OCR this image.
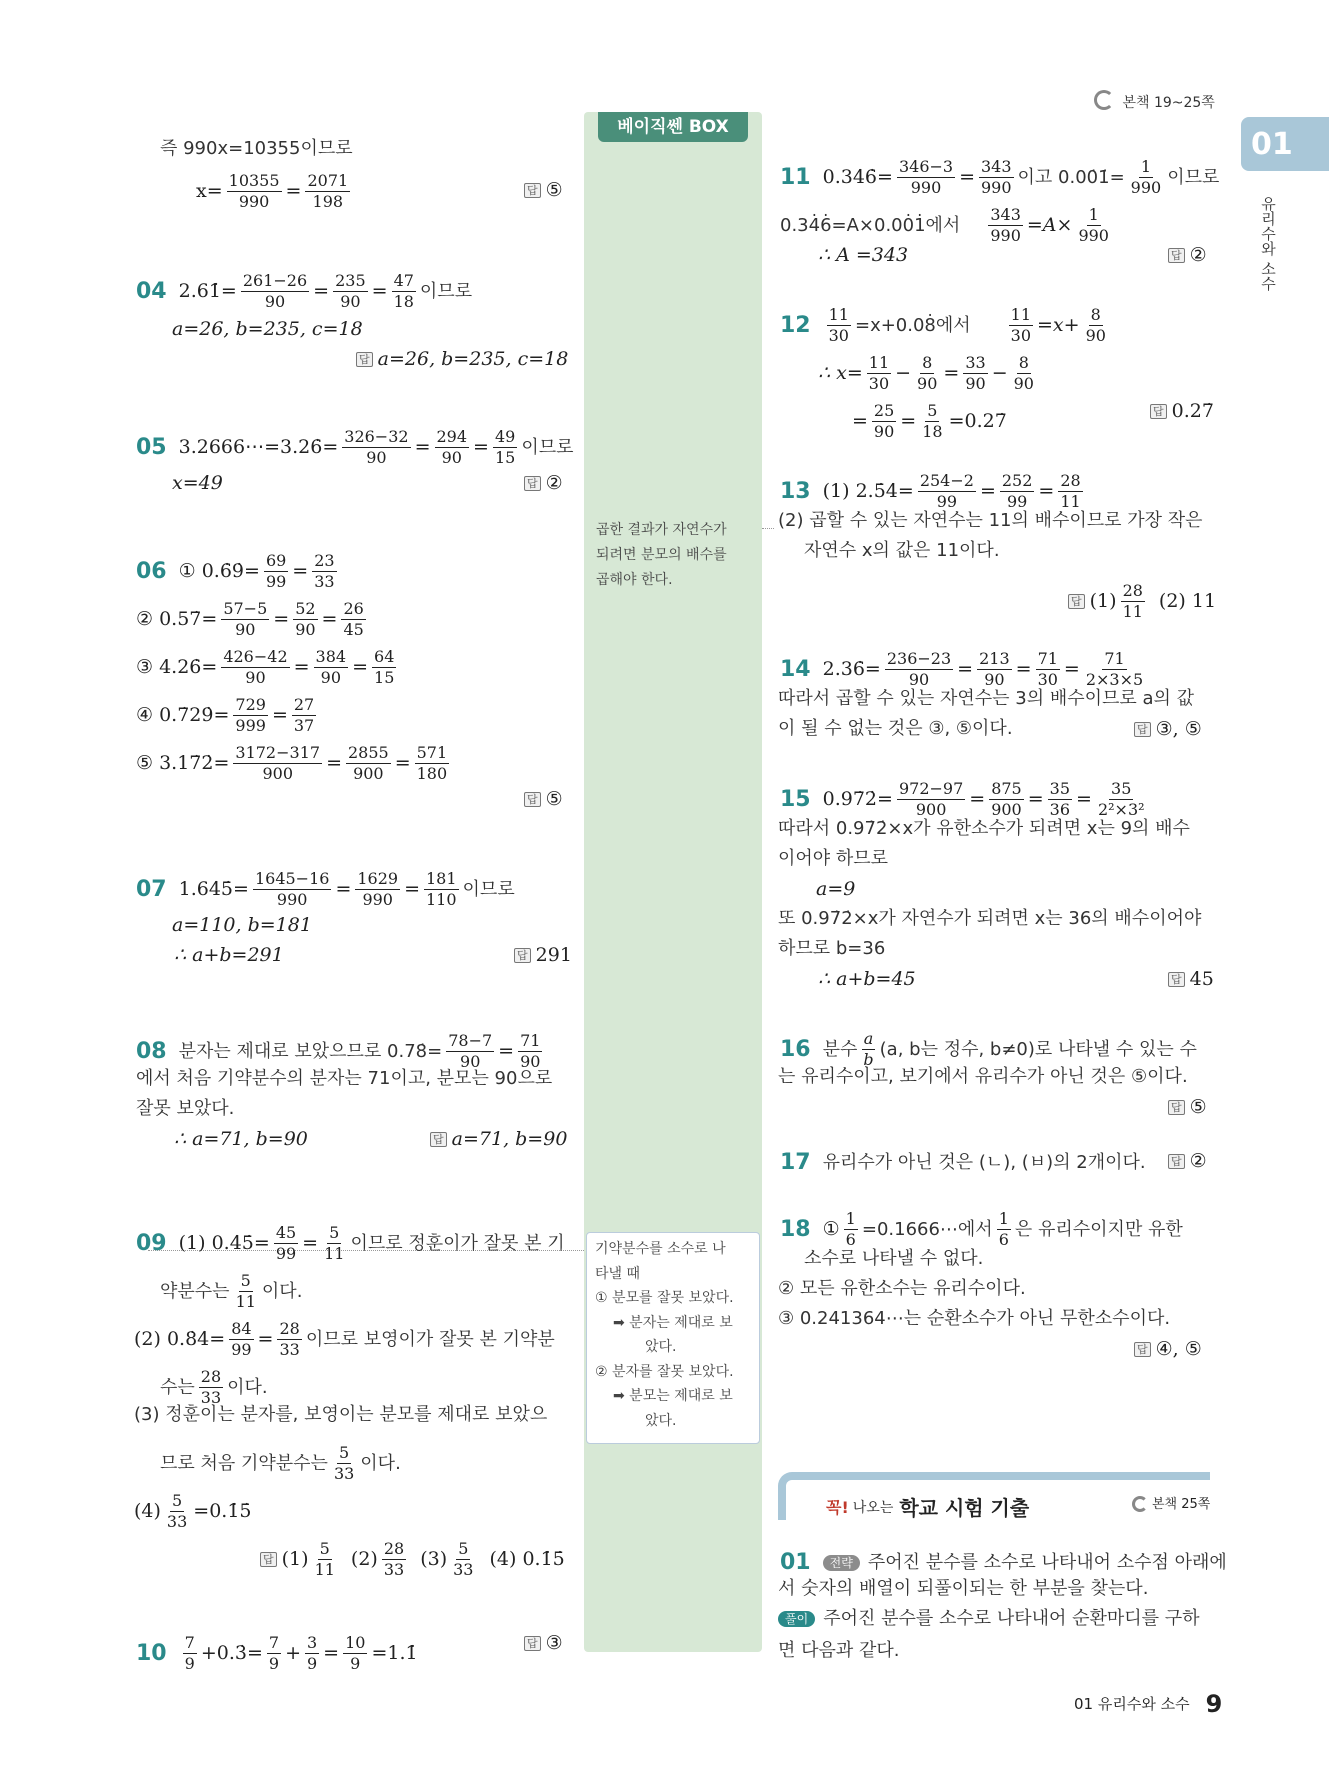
본책 19~25쪽
01
유리수와 소수
베이직쎈 BOX
곱한 결과가 자연수가
되려면 분모의 배수를
곱해야 한다.
기약분수를 소수로 나
타낼 때
① 분모를 잘못 보았다.
➡ 분자는 제대로 보
았다.
② 분자를 잘못 보았다.
➡ 분모는 제대로 보
았다.
즉 990x=10355이므로
$x= \frac{10355}{990} = 2071$
198
답 ⑤
04 2.61̇= $\frac{261-26}{90} = 235$
90 = 47
18 이므로
a=26, b=235, c=18
답 a=26, b=235, c=18
05 3.2666⋯=3.26̇= $\frac{326-32}{90} = 294$
90 = 49
15 이므로
x=49	답 ②
06 ① 0.6̇9̇= $\frac{69}{99} = 23$
33
② 0.57̇= $\frac{57-5}{90} = 52$
90 = 26
45
③ 4.26̇= $\frac{426-42}{90} = 384$
90 = 64
15
④ 0.7̇29̇= $\frac{729}{999} = 27$
37
⑤ 3.17̇2̇= $\frac{3172-317}{900} = 2855$
900 = 571
180
답 ⑤
07 1.64̇5̇= $\frac{1645-16}{990} = 1629$
990 = 181
110 이므로
a=110, b=181
∴ a+b=291	답 291
08 분자는 제대로 보았으므로 0.78̇= $\frac{78-7}{90} = 71$
90
에서 처음 기약분수의 분자는 71이고, 분모는 90으로
잘못 보았다.
∴ a=71, b=90	답 a=71, b=90
09 (1) 0.4̇5̇= $\frac{45}{99} = 5$
11 이므로 정훈이가 잘못 본 기
약분수는
5
11 이다.
(2) 0.8̇4̇= $\frac{84}{99} = 28$
33 이므로 보영이가 잘못 본 기약분
수는
28
33 이다.
(3) 정훈이는 분자를, 보영이는 분모를 제대로 보았으
므로 처음 기약분수는
5
33 이다.
$(4) \frac{5}{33}$ =0.1̇5̇
답 (1) 5
11 (2) 28
33 (3) 5
33 (4) 0.1̇5̇
10 7
9 +0.3̇= $\frac{7}{9} + 3$
$9 = \frac{10}{9}$ =1.1̇	답 ③
11 0.34̇6̇= $\frac{346-3}{990} = 343$
990 이고 0.00̇1̇= $\frac{1}{990}$ 이므로
0.34̇6̇=A×0.00̇1̇에서 $\frac{343}{990} =A\times \frac{1}{990}$
∴ A =343	답 ②
$12 \frac{11}{30}$ =x+0.08̇에서 $\frac{11}{30} =x+ \frac{8}{90}$
∴ $x= \frac{11}{30} - 8$
90 = 33
90 − 8
90
= 25
$90 = \frac{5}{18}$ =0.27̇	답 0.27̇
13 (1) 2.5̇4̇= $\frac{254-2}{99} = 252$
99 = 28
11
(2) 곱할 수 있는 자연수는 11의 배수이므로 가장 작은
자연수 x의 값은 11이다.
답 (1) 28
11 (2) 11
14 2.36̇= $\frac{236-23}{90} = 213$
90 = 71
30 = 71
2×3×5
따라서 곱할 수 있는 자연수는 3의 배수이므로 a의 값
이 될 수 없는 것은 ③, ⑤이다.	답 ③, ⑤
15 0.97̇2̇= $\frac{972-97}{900} = 875$
900 = 35
36 = 35
2²×3²
따라서 0.97̇2̇×x가 유한소수가 되려면 x는 9의 배수
이어야 하므로
a=9
또 0.97̇2̇×x가 자연수가 되려면 x는 36의 배수이어야
하므로 b=36
∴ a+b=45	답 45
16 분수
a
b (a, b는 정수, b≠0)로 나타낼 수 있는 수
는 유리수이고, 보기에서 유리수가 아닌 것은 ⑤이다.
답 ⑤
17 유리수가 아닌 것은 (ㄴ), (ㅂ)의 2개이다. 답 ②
18 ① $\frac{1}{6}$ =0.1666⋯에서
1
6 은 유리수이지만 유한
소수로 나타낼 수 없다.
② 모든 유한소수는 유리수이다.
③ 0.241364⋯는 순환소수가 아닌 무한소수이다.
답 ④, ⑤
꼭! 나오는 학교 시험 기출	본책 25쪽
01	전략 주어진 분수를 소수로 나타내어 소수점 아래에
서 숫자의 배열이 되풀이되는 한 부분을 찾는다.
풀이 주어진 분수를 소수로 나타내어 순환마디를 구하
면 다음과 같다.
01 유리수와 소수 9
